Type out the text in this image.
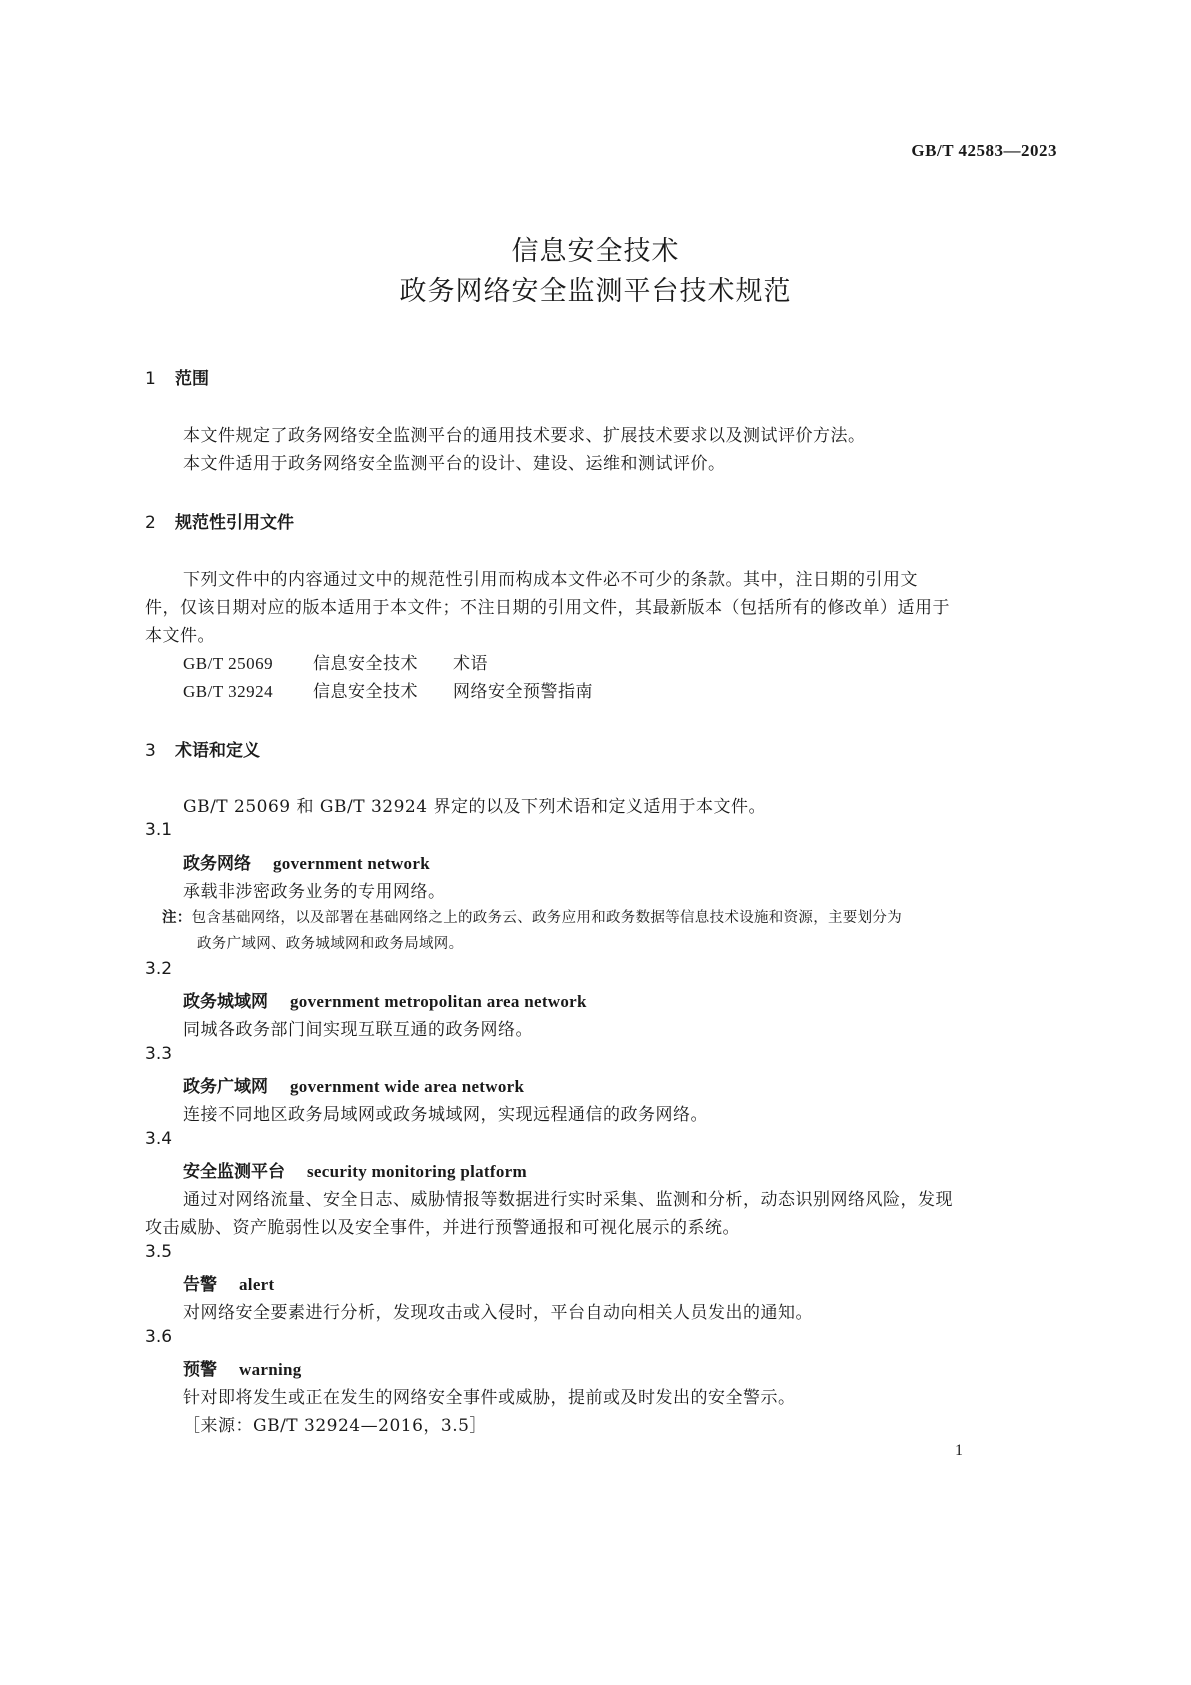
GB/T 42583—2023
信息安全技术
政务网络安全监测平台技术规范
1 范围
本文件规定了政务网络安全监测平台的通用技术要求、扩展技术要求以及测试评价方法。
本文件适用于政务网络安全监测平台的设计、建设、运维和测试评价。
2 规范性引用文件
下列文件中的内容通过文中的规范性引用而构成本文件必不可少的条款。其中，注日期的引用文
件，仅该日期对应的版本适用于本文件；不注日期的引用文件，其最新版本（包括所有的修改单）适用于
本文件。
GB/T 25069 信息安全技术 术语
GB/T 32924 信息安全技术 网络安全预警指南
3 术语和定义
GB/T 25069 和 GB/T 32924 界定的以及下列术语和定义适用于本文件。
3.1
政务网络 government network
承载非涉密政务业务的专用网络。
注：包含基础网络，以及部署在基础网络之上的政务云、政务应用和政务数据等信息技术设施和资源，主要划分为
政务广域网、政务城域网和政务局域网。
3.2
政务城域网 government metropolitan area network
同城各政务部门间实现互联互通的政务网络。
3.3
政务广域网 government wide area network
连接不同地区政务局域网或政务城域网，实现远程通信的政务网络。
3.4
安全监测平台 security monitoring platform
通过对网络流量、安全日志、威胁情报等数据进行实时采集、监测和分析，动态识别网络风险，发现
攻击威胁、资产脆弱性以及安全事件，并进行预警通报和可视化展示的系统。
3.5
告警 alert
对网络安全要素进行分析，发现攻击或入侵时，平台自动向相关人员发出的通知。
3.6
预警 warning
针对即将发生或正在发生的网络安全事件或威胁，提前或及时发出的安全警示。
［来源：GB/T 32924—2016，3.5］
1
